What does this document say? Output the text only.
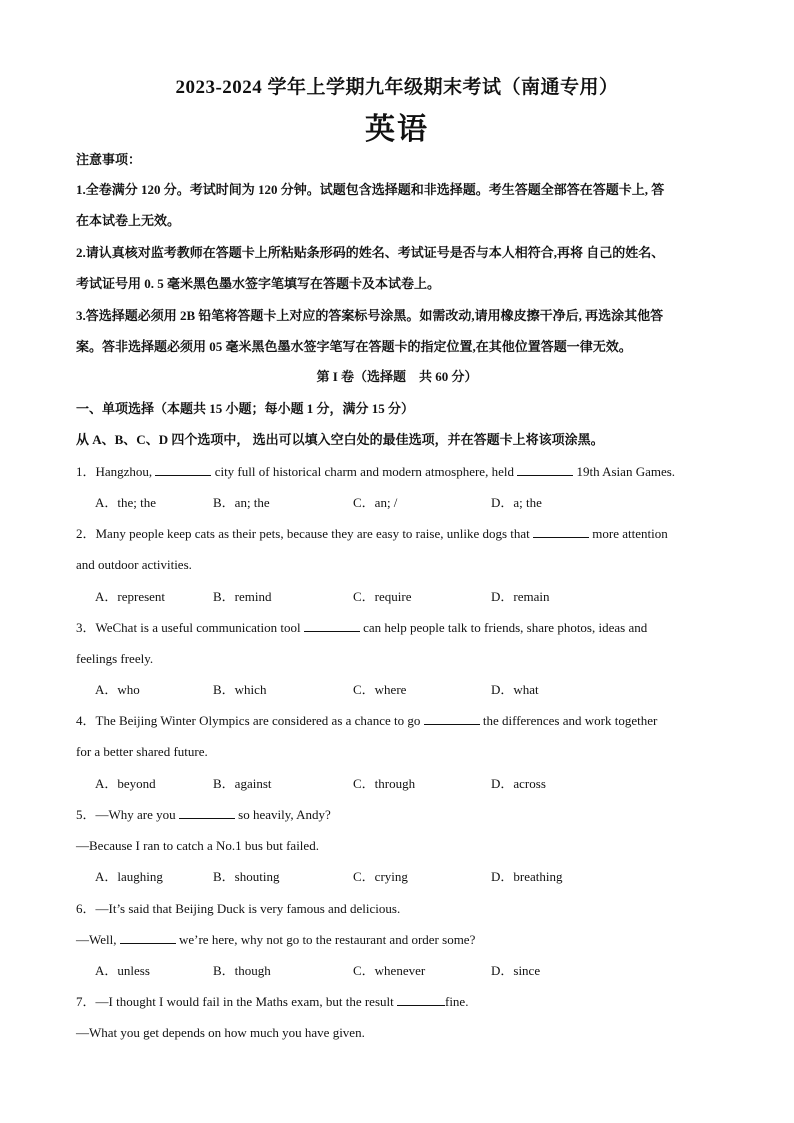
2023-2024 学年上学期九年级期末考试（南通专用）
英语
注意事项：
1.全卷满分 120 分。考试时间为 120 分钟。试题包含选择题和非选择题。考生答题全部答在答题卡上, 答
在本试卷上无效。
2.请认真核对监考教师在答题卡上所粘贴条形码的姓名、考试证号是否与本人相符合,再将 自己的姓名、
考试证号用 0. 5 毫米黑色墨水签字笔填写在答题卡及本试卷上。
3.答选择题必须用 2B 铅笔将答题卡上对应的答案标号涂黑。如需改动,请用橡皮擦干净后, 再选涂其他答
案。答非选择题必须用 05 毫米黑色墨水签字笔写在答题卡的指定位置,在其他位置答题一律无效。
第 I 卷（选择题　共 60 分）
一、单项选择（本题共 15 小题；每小题 1 分，满分 15 分）
从 A、B、C、D 四个选项中， 选出可以填入空白处的最佳选项，并在答题卡上将该项涂黑。
1．Hangzhou,	city full of historical charm and modern atmosphere, held	19th Asian Games.
A．the; the	B．an; the	C．an; /	D．a; the
2．Many people keep cats as their pets, because they are easy to raise, unlike dogs that	more attention
and outdoor activities.
A．represent	B．remind	C．require	D．remain
3．WeChat is a useful communication tool	can help people talk to friends, share photos, ideas and
feelings freely.
A．who	B．which	C．where	D．what
4．The Beijing Winter Olympics are considered as a chance to go	the differences and work together
for a better shared future.
A．beyond	B．against	C．through	D．across
5．—Why are you	so heavily, Andy?
—Because I ran to catch a No.1 bus but failed.
A．laughing	B．shouting	C．crying	D．breathing
6．—It’s said that Beijing Duck is very famous and delicious.
—Well,	we’re here, why not go to the restaurant and order some?
A．unless	B．though	C．whenever	D．since
7．—I thought I would fail in the Maths exam, but the result	fine.
—What you get depends on how much you have given.
